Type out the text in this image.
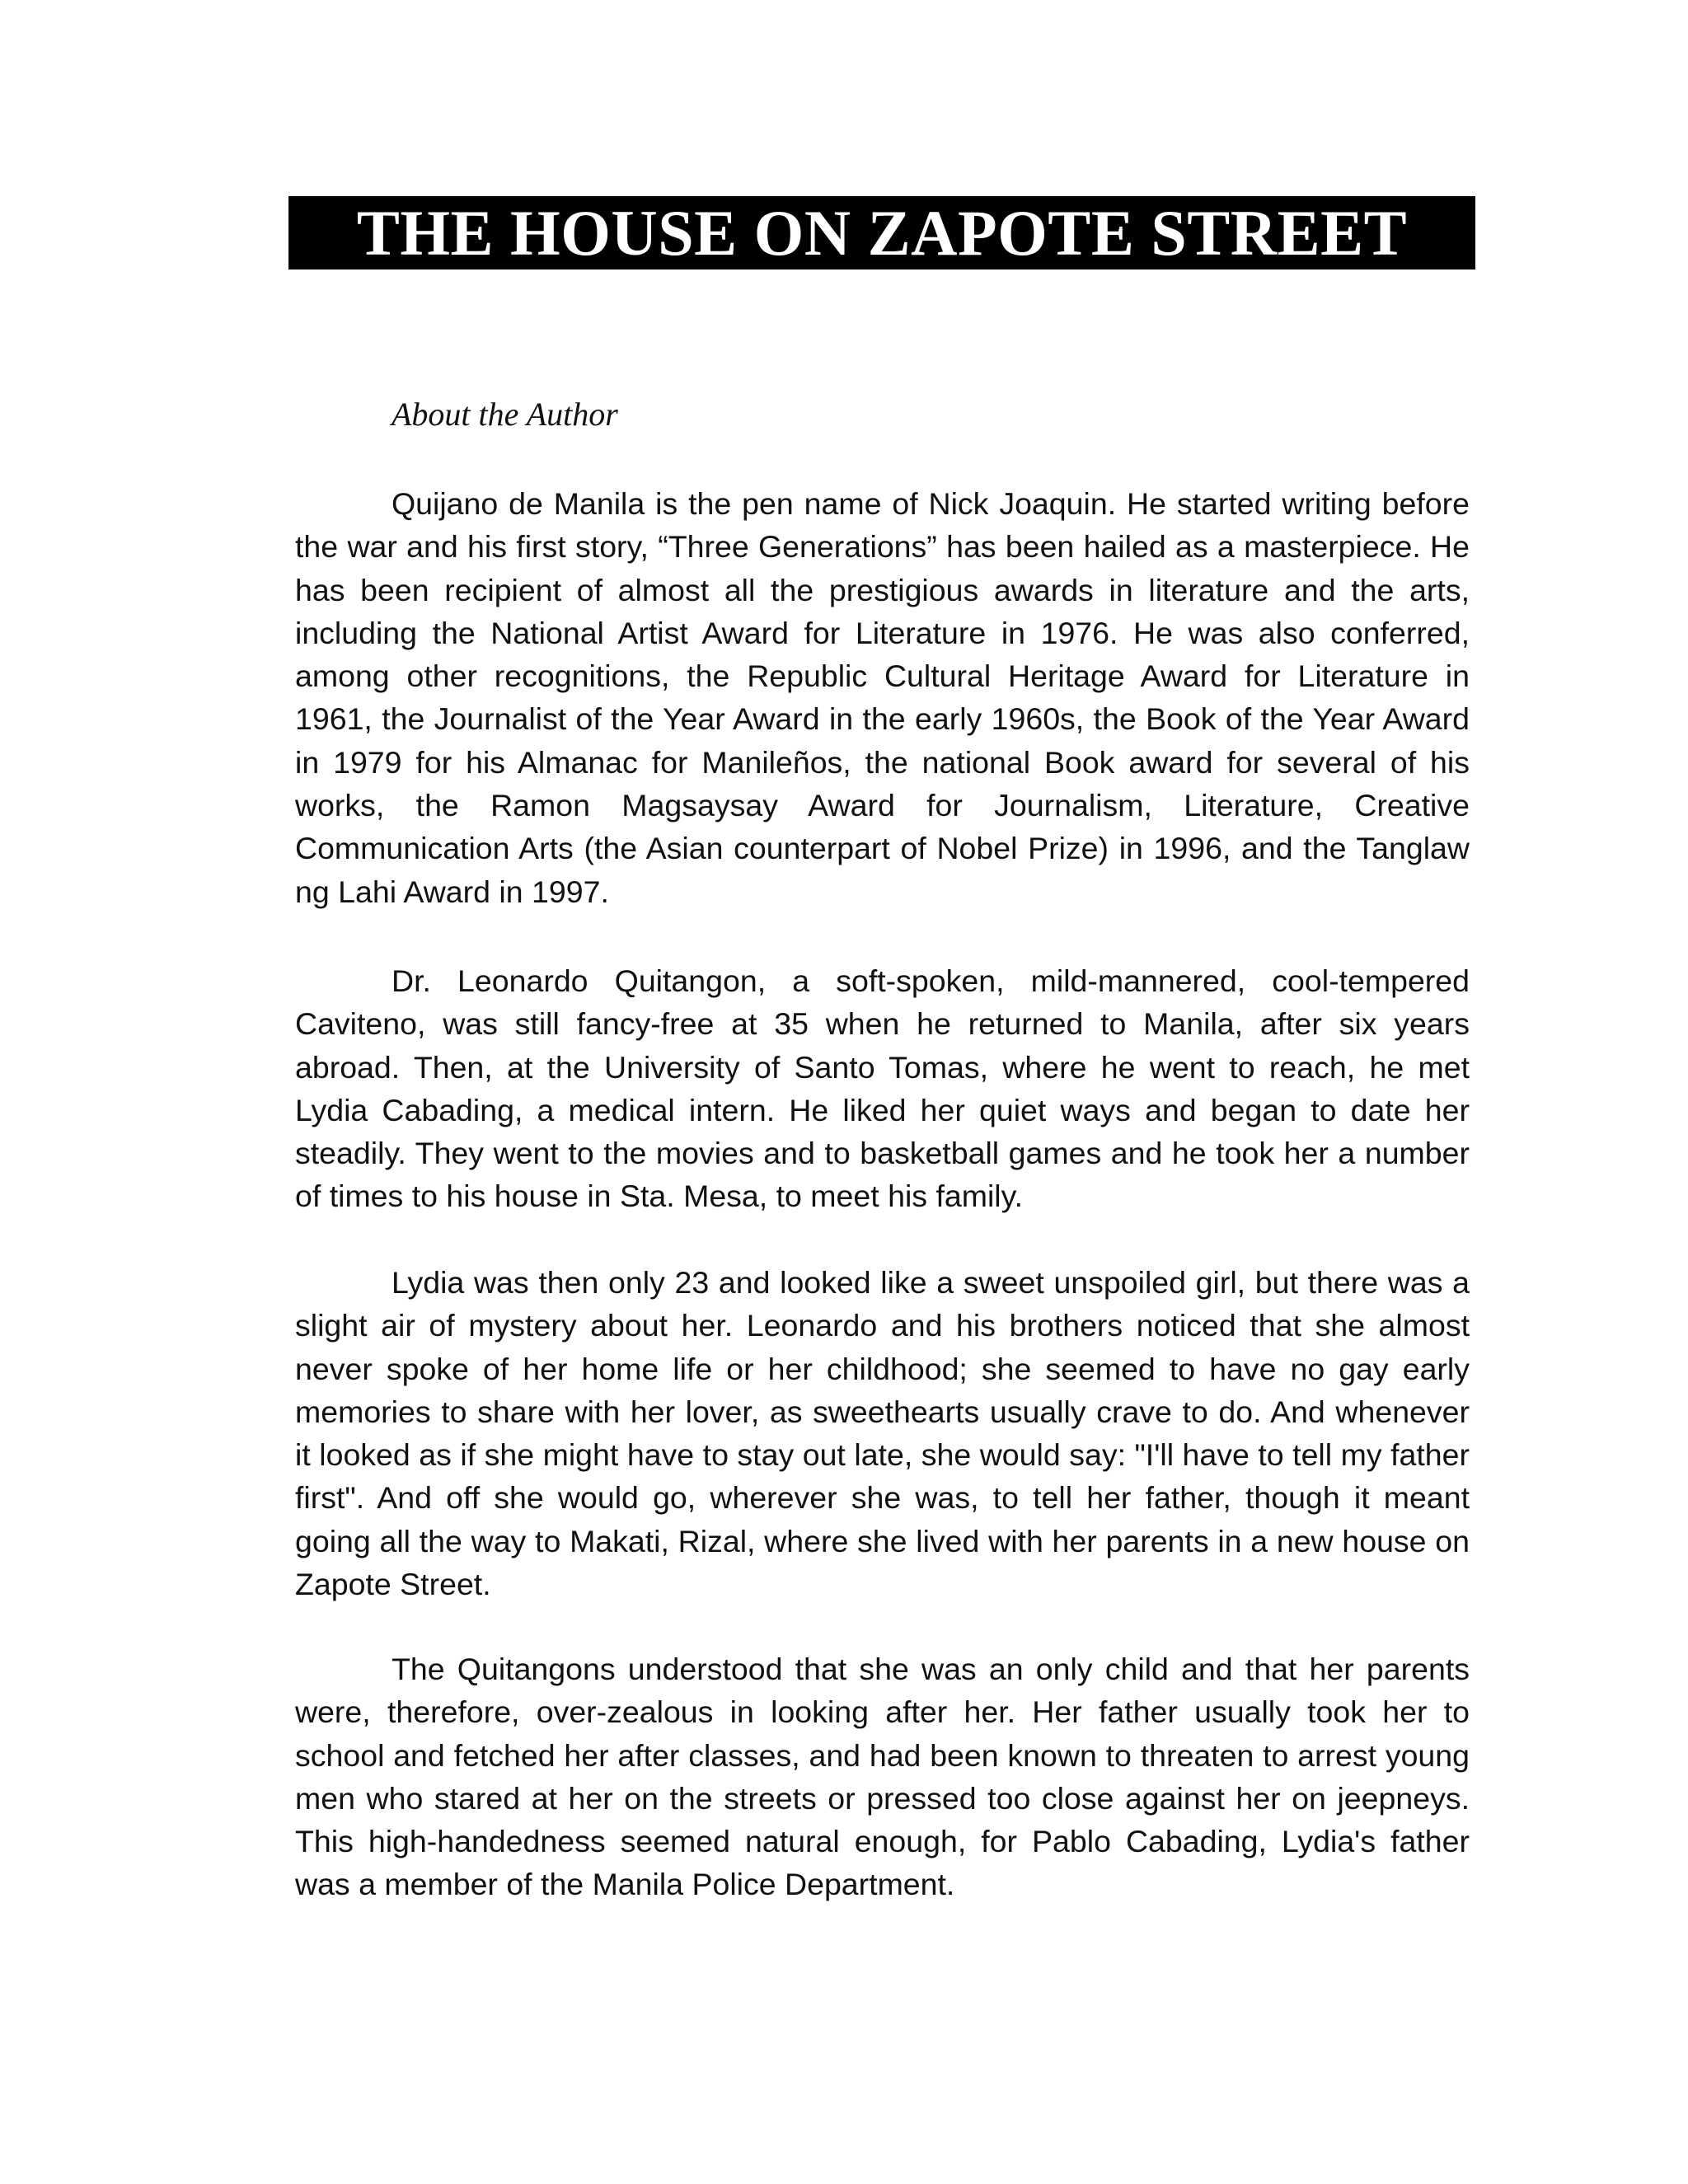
THE HOUSE ON ZAPOTE STREET
About the Author

Quijano de Manila is the pen name of Nick Joaquin. He started writing before the war and his first story, “Three Generations” has been hailed as a masterpiece. He has been recipient of almost all the prestigious awards in literature and the arts, including the National Artist Award for Literature in 1976. He was also conferred, among other recognitions, the Republic Cultural Heritage Award for Literature in 1961, the Journalist of the Year Award in the early 1960s, the Book of the Year Award in 1979 for his Almanac for Manileños, the national Book award for several of his works, the Ramon Magsaysay Award for Journalism, Literature, Creative Communication Arts (the Asian counterpart of Nobel Prize) in 1996, and the Tanglaw ng Lahi Award in 1997.

Dr. Leonardo Quitangon, a soft-spoken, mild-mannered, cool-tempered Caviteno, was still fancy-free at 35 when he returned to Manila, after six years abroad. Then, at the University of Santo Tomas, where he went to reach, he met Lydia Cabading, a medical intern. He liked her quiet ways and began to date her steadily. They went to the movies and to basketball games and he took her a number of times to his house in Sta. Mesa, to meet his family.

Lydia was then only 23 and looked like a sweet unspoiled girl, but there was a slight air of mystery about her. Leonardo and his brothers noticed that she almost never spoke of her home life or her childhood; she seemed to have no gay early memories to share with her lover, as sweethearts usually crave to do. And whenever it looked as if she might have to stay out late, she would say: "I'll have to tell my father first". And off she would go, wherever she was, to tell her father, though it meant going all the way to Makati, Rizal, where she lived with her parents in a new house on Zapote Street.

The Quitangons understood that she was an only child and that her parents were, therefore, over-zealous in looking after her. Her father usually took her to school and fetched her after classes, and had been known to threaten to arrest young men who stared at her on the streets or pressed too close against her on jeepneys. This high-handedness seemed natural enough, for Pablo Cabading, Lydia's father was a member of the Manila Police Department.
